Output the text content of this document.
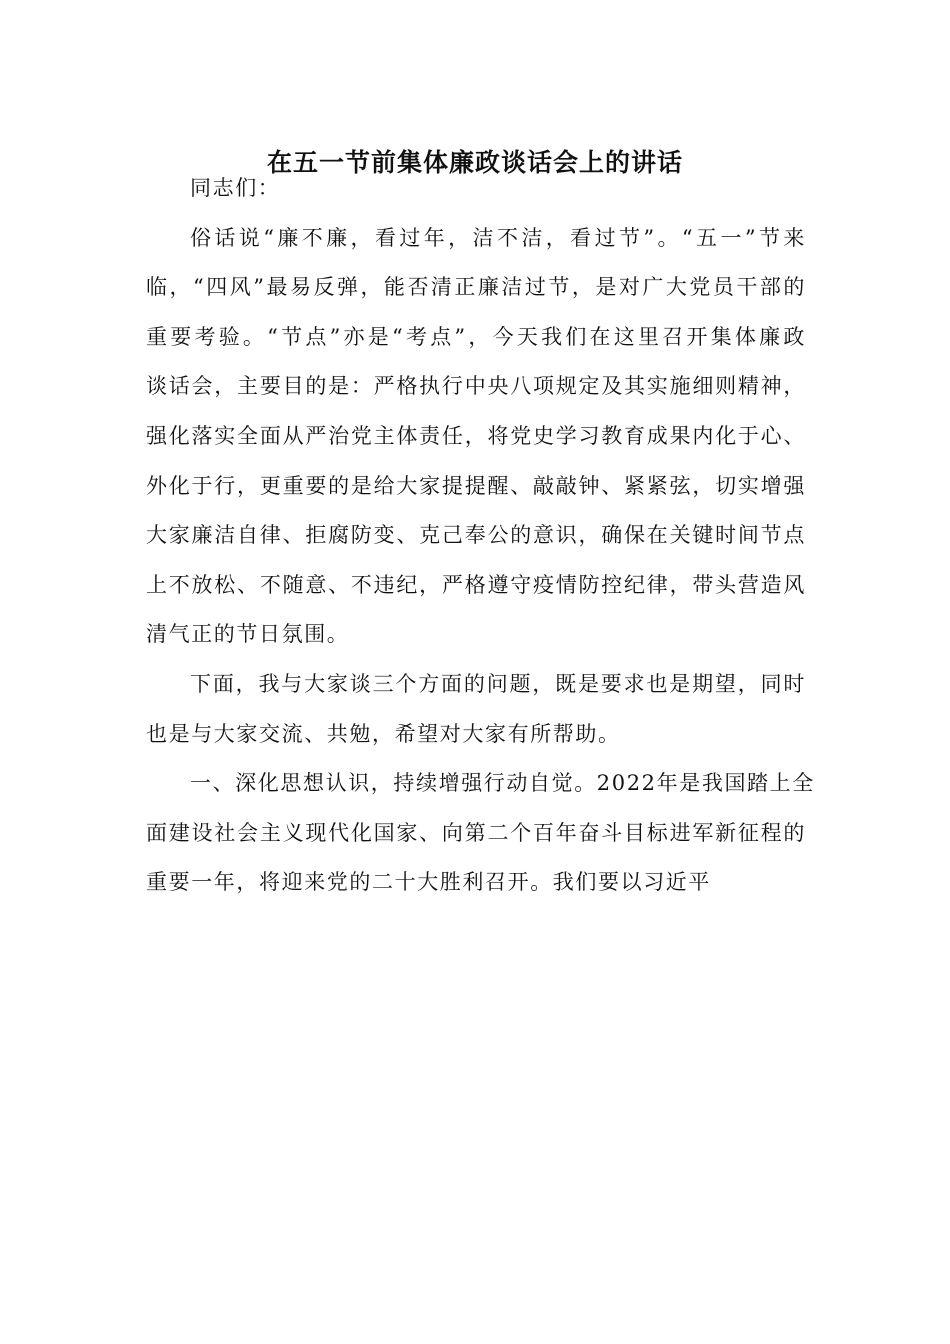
在五一节前集体廉政谈话会上的讲话
同志们：
俗话说“廉不廉，看过年，洁不洁，看过节”。“五一”节来
临，“四风”最易反弹，能否清正廉洁过节，是对广大党员干部的
重要考验。“节点”亦是“考点”，今天我们在这里召开集体廉政
谈话会，主要目的是：严格执行中央八项规定及其实施细则精神，
强化落实全面从严治党主体责任，将党史学习教育成果内化于心、
外化于行，更重要的是给大家提提醒、敲敲钟、紧紧弦，切实增强
大家廉洁自律、拒腐防变、克己奉公的意识，确保在关键时间节点
上不放松、不随意、不违纪，严格遵守疫情防控纪律，带头营造风
清气正的节日氛围。
下面，我与大家谈三个方面的问题，既是要求也是期望，同时
也是与大家交流、共勉，希望对大家有所帮助。
一、深化思想认识，持续增强行动自觉。2022年是我国踏上全
面建设社会主义现代化国家、向第二个百年奋斗目标进军新征程的
重要一年，将迎来党的二十大胜利召开。我们要以习近平
